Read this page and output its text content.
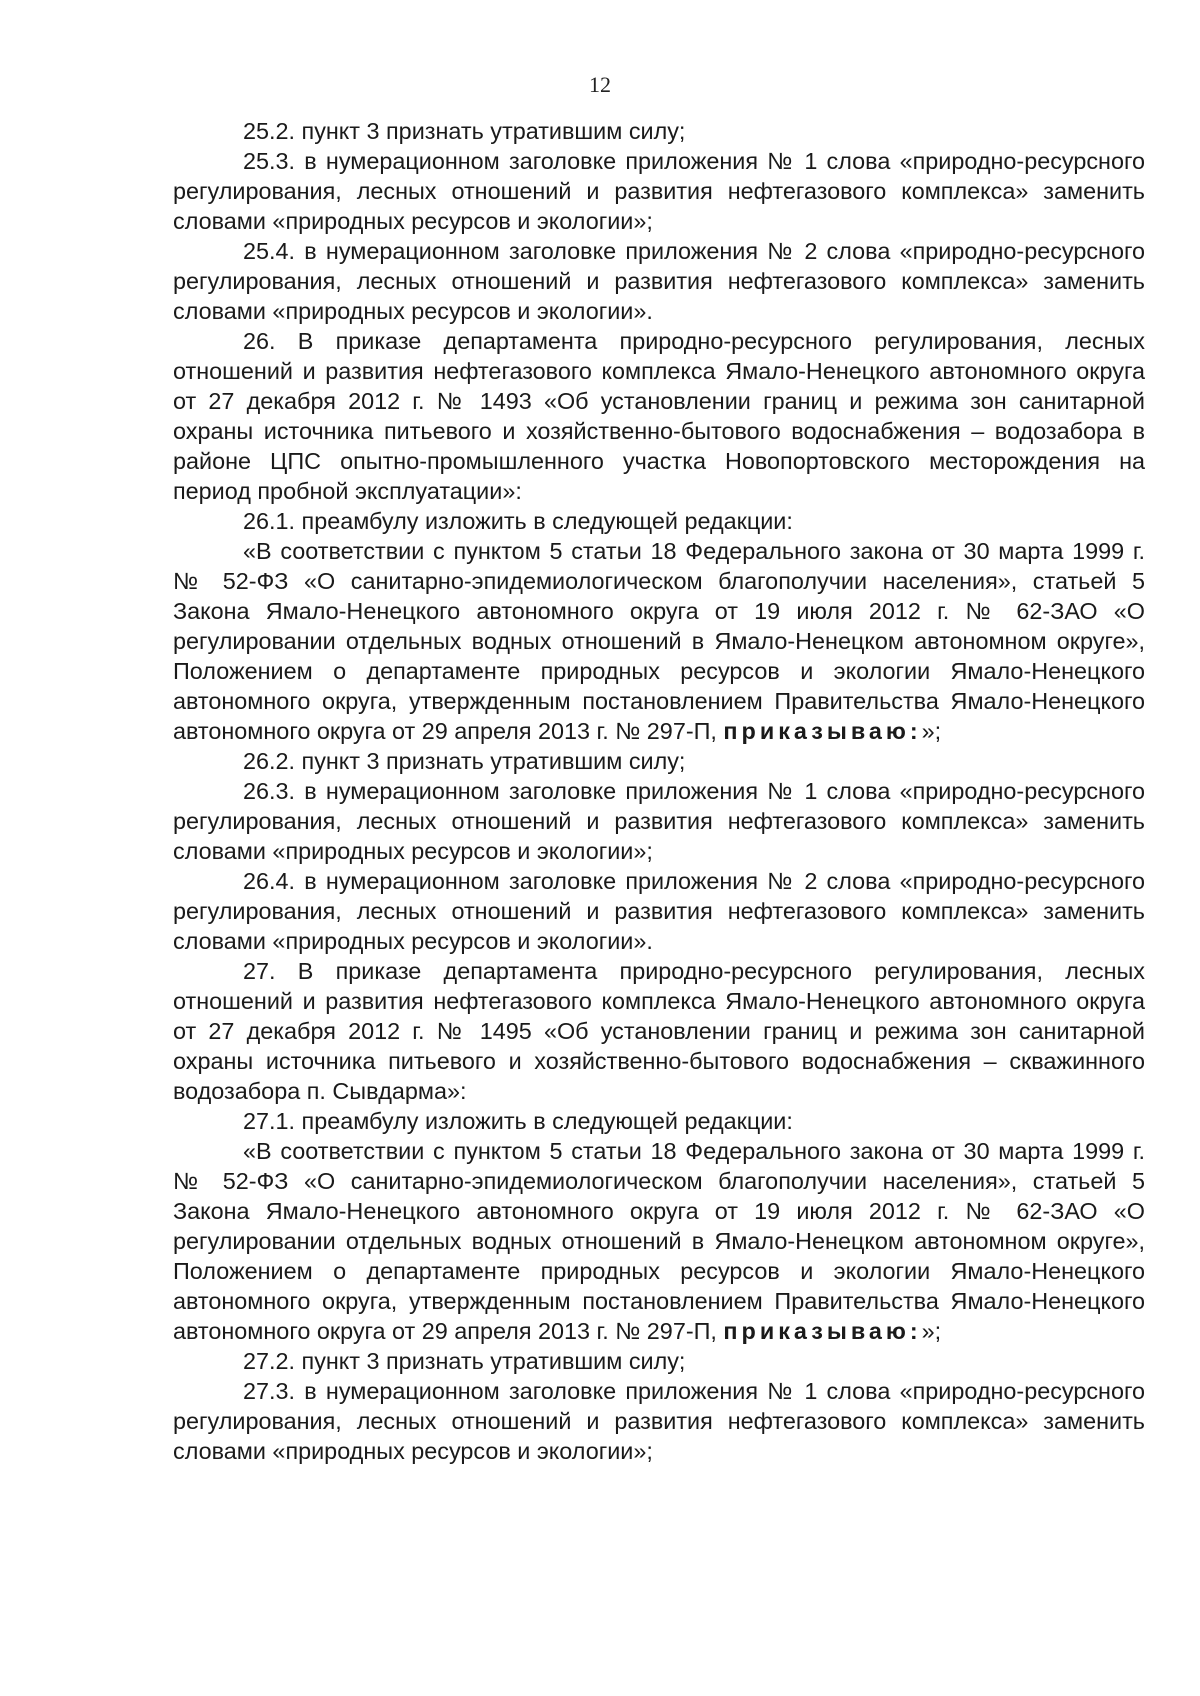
12

25.2. пункт 3 признать утратившим силу;

25.3. в нумерационном заголовке приложения № 1 слова «природно-ресурсного регулирования, лесных отношений и развития нефтегазового комплекса» заменить словами «природных ресурсов и экологии»;

25.4. в нумерационном заголовке приложения № 2 слова «природно-ресурсного регулирования, лесных отношений и развития нефтегазового комплекса» заменить словами «природных ресурсов и экологии».

26. В приказе департамента природно-ресурсного регулирования, лесных отношений и развития нефтегазового комплекса Ямало-Ненецкого автономного округа от 27 декабря 2012 г. № 1493 «Об установлении границ и режима зон санитарной охраны источника питьевого и хозяйственно-бытового водоснабжения – водозабора в районе ЦПС опытно-промышленного участка Новопортовского месторождения на период пробной эксплуатации»:

26.1. преамбулу изложить в следующей редакции:

«В соответствии с пунктом 5 статьи 18 Федерального закона от 30 марта 1999 г. № 52-ФЗ «О санитарно-эпидемиологическом благополучии населения», статьей 5 Закона Ямало-Ненецкого автономного округа от 19 июля 2012 г. № 62-ЗАО «О регулировании отдельных водных отношений в Ямало-Ненецком автономном округе», Положением о департаменте природных ресурсов и экологии Ямало-Ненецкого автономного округа, утвержденным постановлением Правительства Ямало-Ненецкого автономного округа от 29 апреля 2013 г. № 297-П, приказываю:»;

26.2. пункт 3 признать утратившим силу;

26.3. в нумерационном заголовке приложения № 1 слова «природно-ресурсного регулирования, лесных отношений и развития нефтегазового комплекса» заменить словами «природных ресурсов и экологии»;

26.4. в нумерационном заголовке приложения № 2 слова «природно-ресурсного регулирования, лесных отношений и развития нефтегазового комплекса» заменить словами «природных ресурсов и экологии».

27. В приказе департамента природно-ресурсного регулирования, лесных отношений и развития нефтегазового комплекса Ямало-Ненецкого автономного округа от 27 декабря 2012 г. № 1495 «Об установлении границ и режима зон санитарной охраны источника питьевого и хозяйственно-бытового водоснабжения – скважинного водозабора п. Сывдарма»:

27.1. преамбулу изложить в следующей редакции:

«В соответствии с пунктом 5 статьи 18 Федерального закона от 30 марта 1999 г. № 52-ФЗ «О санитарно-эпидемиологическом благополучии населения», статьей 5 Закона Ямало-Ненецкого автономного округа от 19 июля 2012 г. № 62-ЗАО «О регулировании отдельных водных отношений в Ямало-Ненецком автономном округе», Положением о департаменте природных ресурсов и экологии Ямало-Ненецкого автономного округа, утвержденным постановлением Правительства Ямало-Ненецкого автономного округа от 29 апреля 2013 г. № 297-П, приказываю:»;

27.2. пункт 3 признать утратившим силу;

27.3. в нумерационном заголовке приложения № 1 слова «природно-ресурсного регулирования, лесных отношений и развития нефтегазового комплекса» заменить словами «природных ресурсов и экологии»;
